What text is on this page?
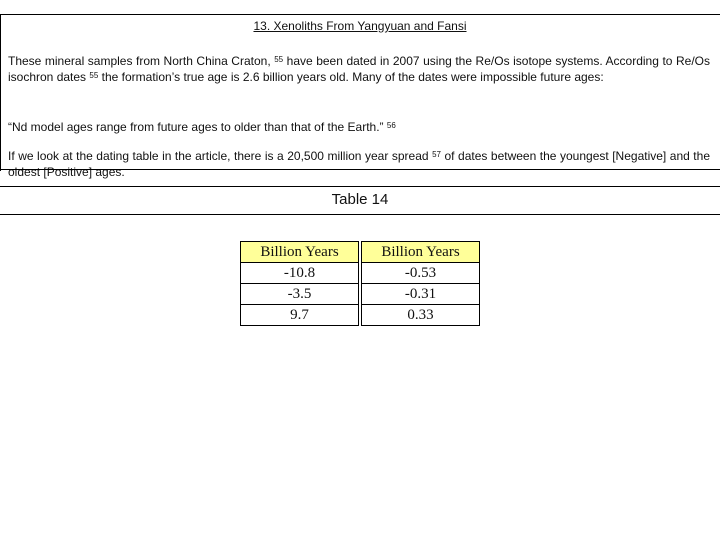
13. Xenoliths From Yangyuan and Fansi

These mineral samples from North China Craton, $^{55}$ have been dated in 2007 using the Re/Os isotope systems. According to Re/Os isochron dates $^{55}$ the formation’s true age is 2.6 billion years old. Many of the dates were impossible future ages:

“Nd model ages range from future ages to older than that of the Earth.” $^{56}$

If we look at the dating table in the article, there is a 20,500 million year spread $^{57}$ of dates between the youngest [Negative] and the oldest [Positive] ages.

Table 14
Billion Years		Billion Years
-10.8		-0.53
-3.5		-0.31
9.7		0.33
